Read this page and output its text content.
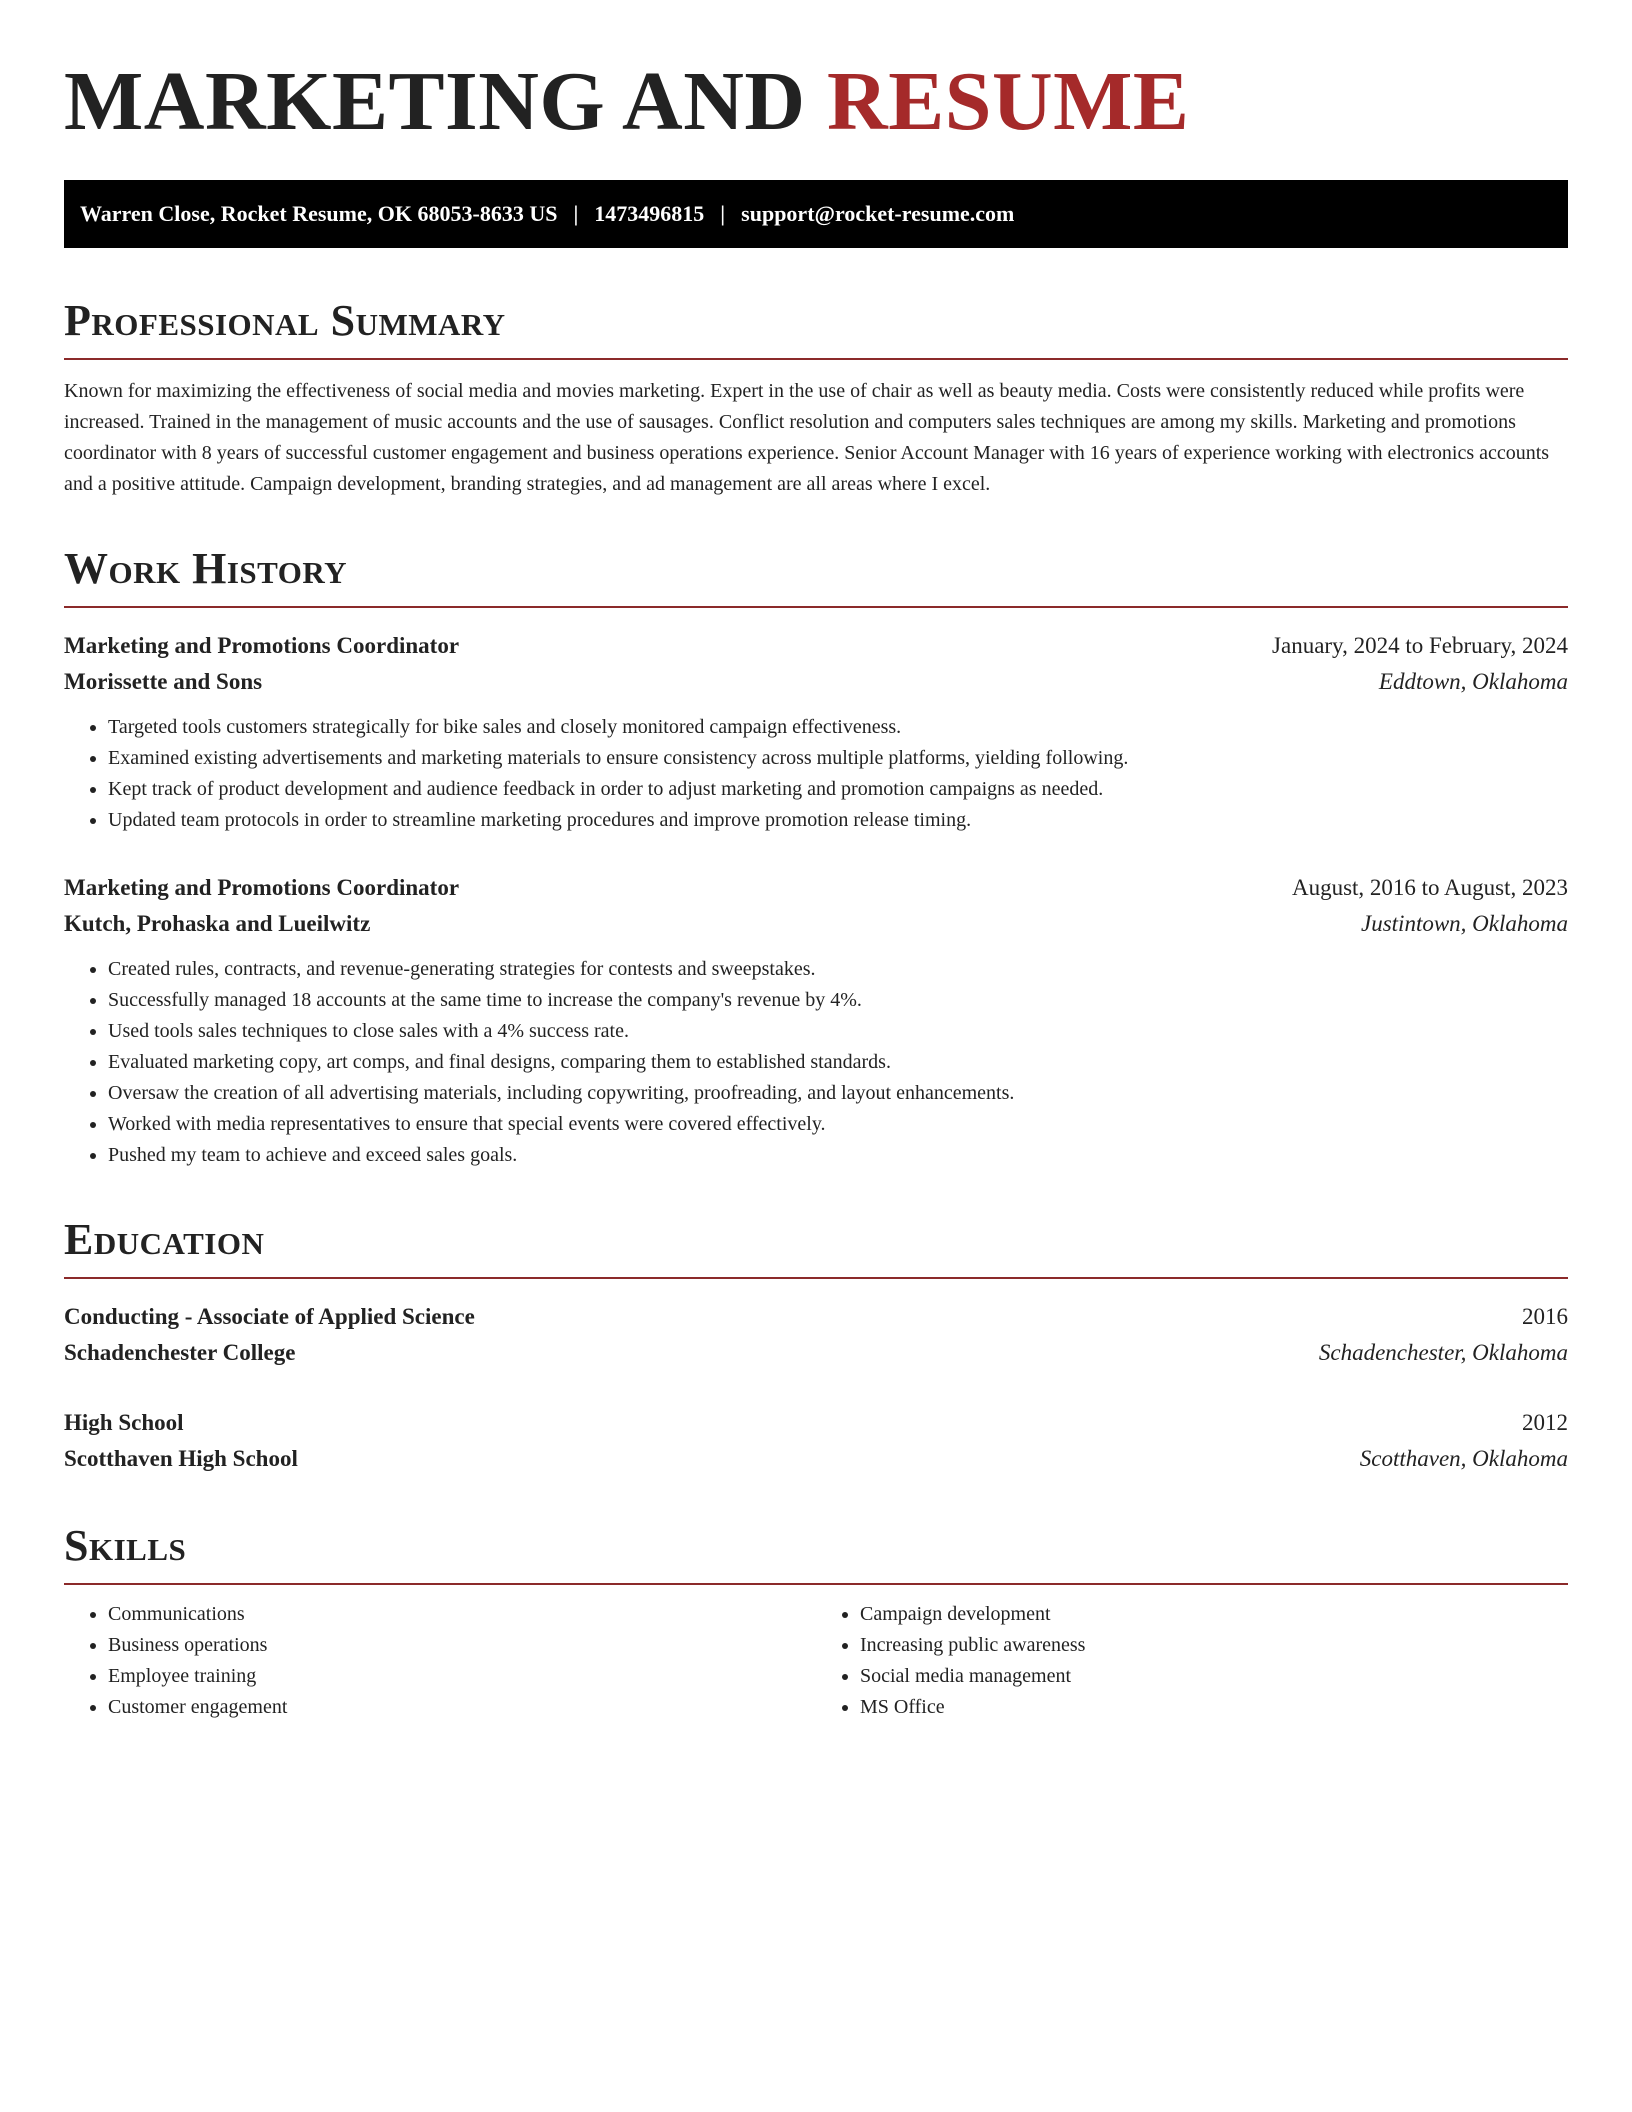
MARKETING AND RESUME
Warren Close, Rocket Resume, OK 68053-8633 US | 1473496815 | support@rocket-resume.com
Professional Summary

Known for maximizing the effectiveness of social media and movies marketing. Expert in the use of chair as well as beauty media. Costs were consistently reduced while profits were increased. Trained in the management of music accounts and the use of sausages. Conflict resolution and computers sales techniques are among my skills. Marketing and promotions coordinator with 8 years of successful customer engagement and business operations experience. Senior Account Manager with 16 years of experience working with electronics accounts and a positive attitude. Campaign development, branding strategies, and ad management are all areas where I excel.

Work History
Marketing and Promotions Coordinator	January, 2024 to February, 2024
Morissette and Sons	Eddtown, Oklahoma
• Targeted tools customers strategically for bike sales and closely monitored campaign effectiveness.
• Examined existing advertisements and marketing materials to ensure consistency across multiple platforms, yielding following.
• Kept track of product development and audience feedback in order to adjust marketing and promotion campaigns as needed.
• Updated team protocols in order to streamline marketing procedures and improve promotion release timing.
Marketing and Promotions Coordinator	August, 2016 to August, 2023
Kutch, Prohaska and Lueilwitz	Justintown, Oklahoma
• Created rules, contracts, and revenue-generating strategies for contests and sweepstakes.
• Successfully managed 18 accounts at the same time to increase the company's revenue by 4%.
• Used tools sales techniques to close sales with a 4% success rate.
• Evaluated marketing copy, art comps, and final designs, comparing them to established standards.
• Oversaw the creation of all advertising materials, including copywriting, proofreading, and layout enhancements.
• Worked with media representatives to ensure that special events were covered effectively.
• Pushed my team to achieve and exceed sales goals.
Education
Conducting - Associate of Applied Science	2016
Schadenchester College	Schadenchester, Oklahoma
High School	2012
Scotthaven High School	Scotthaven, Oklahoma
Skills
• Communications
• Business operations
• Employee training
• Customer engagement
• Campaign development
• Increasing public awareness
• Social media management
• MS Office
